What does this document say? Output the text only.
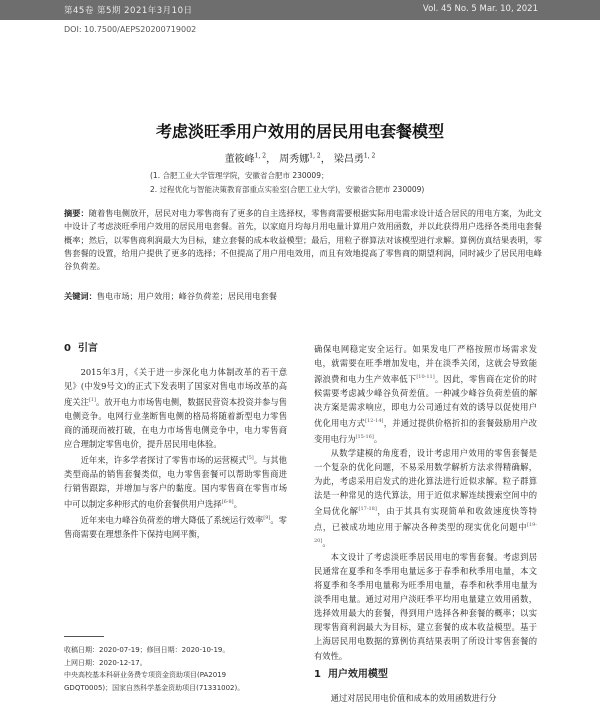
第45卷 第5期 2021年3月10日	Vol. 45 No. 5 Mar. 10, 2021
DOI: 10.7500/AEPS20200719002
考虑淡旺季用户效用的居民用电套餐模型
董筱峰$^{1, 2}$， 周秀娜$^{1, 2}$， 梁昌勇$^{1, 2}$
(1. 合肥工业大学管理学院，安徽省合肥市 230009；
2. 过程优化与智能决策教育部重点实验室(合肥工业大学)，安徽省合肥市 230009)

摘要：随着售电侧放开，居民对电力零售商有了更多的自主选择权，零售商需要根据实际用电需求设计适合居民的用电方案，为此文中设计了考虑淡旺季用户效用的居民用电套餐。首先，以家庭月均每月用电量计算用户效用函数，并以此获得用户选择各类用电套餐概率；然后，以零售商利润最大为目标，建立套餐的成本收益模型；最后，用粒子群算法对该模型进行求解。算例仿真结果表明，零售套餐的设置，给用户提供了更多的选择；不但提高了用户用电效用，而且有效地提高了零售商的期望利润，同时减少了居民用电峰谷负荷差。

关键词：售电市场；用户效用；峰谷负荷差；居民用电套餐

0 引言

2015年3月，《关于进一步深化电力体制改革的若干意见》(中发9号文)的正式下发表明了国家对售电市场改革的高度关注[1]。放开电力市场售电侧，数据民营资本投资并参与售电侧竞争。电网行业垄断售电侧的格局将随着新型电力零售商的涌现而被打破，在电力市场售电侧竞争中，电力零售商应合理制定零售电价，提升居民用电体验。

近年来，许多学者探讨了零售市场的运营模式[5]。与其他类型商品的销售套餐类似，电力零售套餐可以帮助零售商进行销售跟踪，并增加与客户的黏度。国内零售商在零售市场中可以制定多种形式的电价套餐供用户选择[6-8]。

近年来电力峰谷负荷差的增大降低了系统运行效率[9]。零售商需要在理想条件下保持电网平衡，

确保电网稳定安全运行。如果发电厂严格按照市场需求发电，就需要在旺季增加发电，并在淡季关闭，这就会导致能源浪费和电力生产效率低下[10-11]。因此，零售商在定价的时候需要考虑减少峰谷负荷差值。一种减少峰谷负荷差值的解决方案是需求响应，即电力公司通过有效的诱导以促使用户优化用电方式[12-14]，并通过提供价格折扣的套餐鼓励用户改变用电行为[15-16]。

从数学建模的角度看，设计考虑用户效用的零售套餐是一个复杂的优化问题，不易采用数学解析方法求得精确解，为此，考虑采用启发式的进化算法进行近似求解。粒子群算法是一种常见的迭代算法，用于近似求解连续搜索空间中的全局优化解[17-18]，由于其具有实现简单和收敛速度快等特点，已被成功地应用于解决各种类型的现实优化问题中[19-20]。

本文设计了考虑淡旺季居民用电的零售套餐。考虑到居民通常在夏季和冬季用电量远多于春季和秋季用电量，本文将夏季和冬季用电量称为旺季用电量，春季和秋季用电量为淡季用电量。通过对用户淡旺季平均用电量建立效用函数，选择效用最大的套餐，得到用户选择各种套餐的概率；以实现零售商利润最大为目标，建立套餐的成本收益模型。基于上海居民用电数据的算例仿真结果表明了所设计零售套餐的有效性。

1 用户效用模型

通过对居民用电价值和成本的效用函数进行分

收稿日期：2020-07-19；修回日期：2020-10-19。
上网日期：2020-12-17。
中央高校基本科研业务费专项资金资助项目(PA2019
GDQT0005)；国家自然科学基金资助项目(71331002)。
